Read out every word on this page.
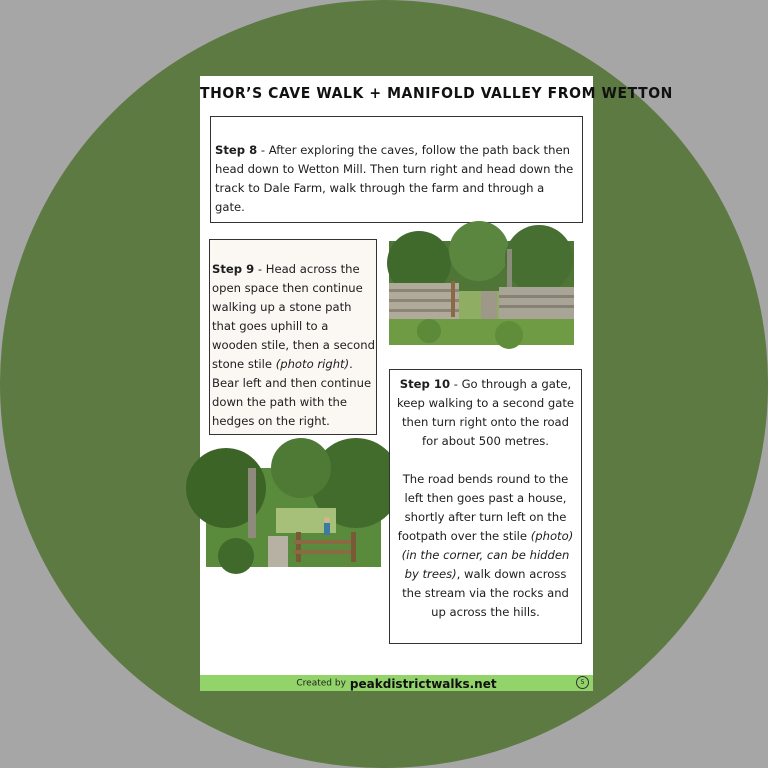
THOR’S CAVE WALK + MANIFOLD VALLEY FROM WETTON
Step 8 - After exploring the caves, follow the path back then head down to Wetton Mill. Then turn right and head down the track to Dale Farm, walk through the farm and through a gate.
Step 9 - Head across the open space then continue walking up a stone path that goes uphill to a wooden stile, then a second stone stile (photo right). Bear left and then continue down the path with the hedges on the right.

Step 10 - Go through a gate, keep walking to a second gate then turn right onto the road for about 500 metres.

The road bends round to the left then goes past a house, shortly after turn left on the footpath over the stile (photo) (in the corner, can be hidden by trees), walk down across the stream via the rocks and up across the hills.

Created by peakdistrictwalks.net	5
